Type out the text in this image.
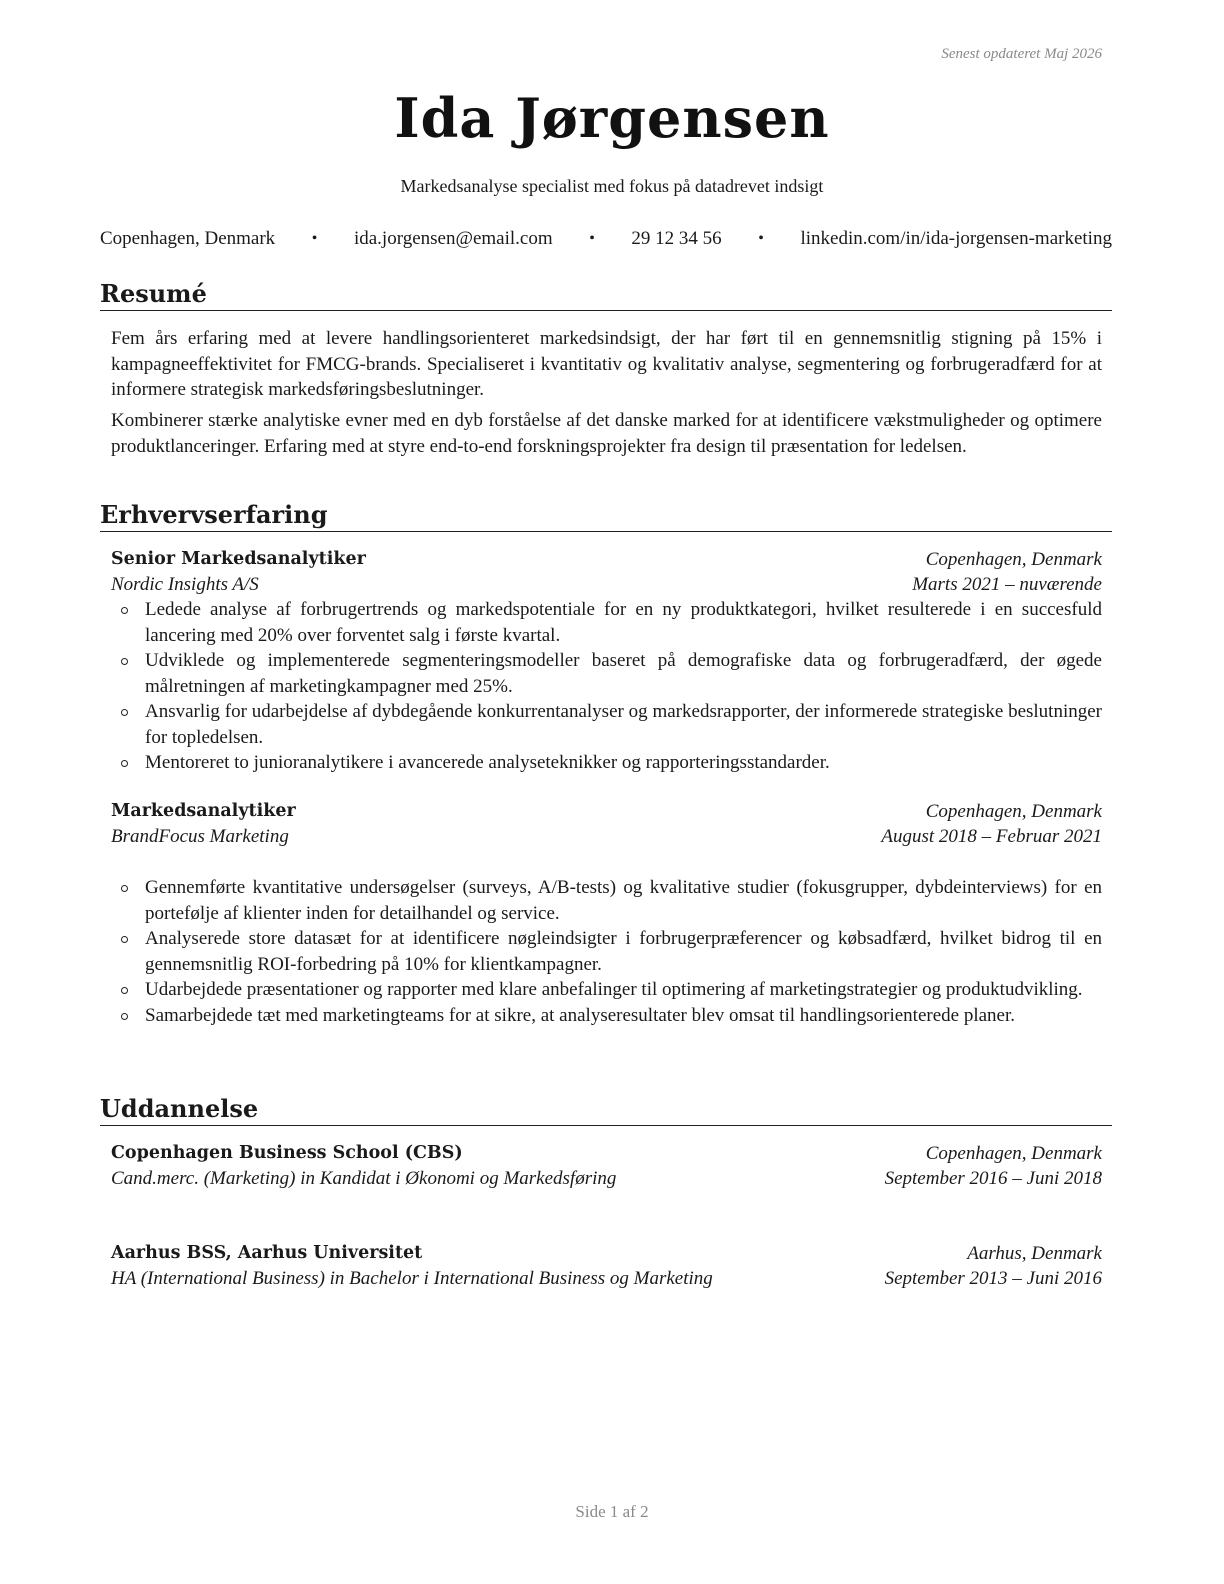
Senest opdateret Maj 2026
Ida Jørgensen
Markedsanalyse specialist med fokus på datadrevet indsigt
Copenhagen, Denmark • ida.jorgensen@email.com • 29 12 34 56 • linkedin.com/in/ida-jorgensen-marketing
Resumé

Fem års erfaring med at levere handlingsorienteret markedsindsigt, der har ført til en gennemsnitlig stigning på 15% i kampagneeffektivitet for FMCG-brands. Specialiseret i kvantitativ og kvalitativ analyse, segmentering og forbrugeradfærd for at informere strategisk markedsføringsbeslutninger.

Kombinerer stærke analytiske evner med en dyb forståelse af det danske marked for at identificere vækstmuligheder og optimere produktlanceringer. Erfaring med at styre end-to-end forskningsprojekter fra design til præsentation for ledelsen.

Erhvervserfaring
Senior Markedsanalytiker	Copenhagen, Denmark
Nordic Insights A/S	Marts 2021 – nuværende
Ledede analyse af forbrugertrends og markedspotentiale for en ny produktkategori, hvilket resulterede i en succesfuld lancering med 20% over forventet salg i første kvartal.
Udviklede og implementerede segmenteringsmodeller baseret på demografiske data og forbrugeradfærd, der øgede målretningen af marketingkampagner med 25%.
Ansvarlig for udarbejdelse af dybdegående konkurrentanalyser og markedsrapporter, der informerede strategiske beslutninger for topledelsen.
Mentoreret to junioranalytikere i avancerede analyseteknikker og rapporteringsstandarder.
Markedsanalytiker	Copenhagen, Denmark
BrandFocus Marketing	August 2018 – Februar 2021
Gennemførte kvantitative undersøgelser (surveys, A/B-tests) og kvalitative studier (fokusgrupper, dybdeinterviews) for en portefølje af klienter inden for detailhandel og service.
Analyserede store datasæt for at identificere nøgleindsigter i forbrugerpræferencer og købsadfærd, hvilket bidrog til en gennemsnitlig ROI-forbedring på 10% for klientkampagner.
Udarbejdede præsentationer og rapporter med klare anbefalinger til optimering af marketingstrategier og produktudvikling.
Samarbejdede tæt med marketingteams for at sikre, at analyseresultater blev omsat til handlingsorienterede planer.
Uddannelse
Copenhagen Business School (CBS)	Copenhagen, Denmark
Cand.merc. (Marketing) in Kandidat i Økonomi og Markedsføring	September 2016 – Juni 2018
Aarhus BSS, Aarhus Universitet	Aarhus, Denmark
HA (International Business) in Bachelor i International Business og Marketing	September 2013 – Juni 2016
Side 1 af 2
